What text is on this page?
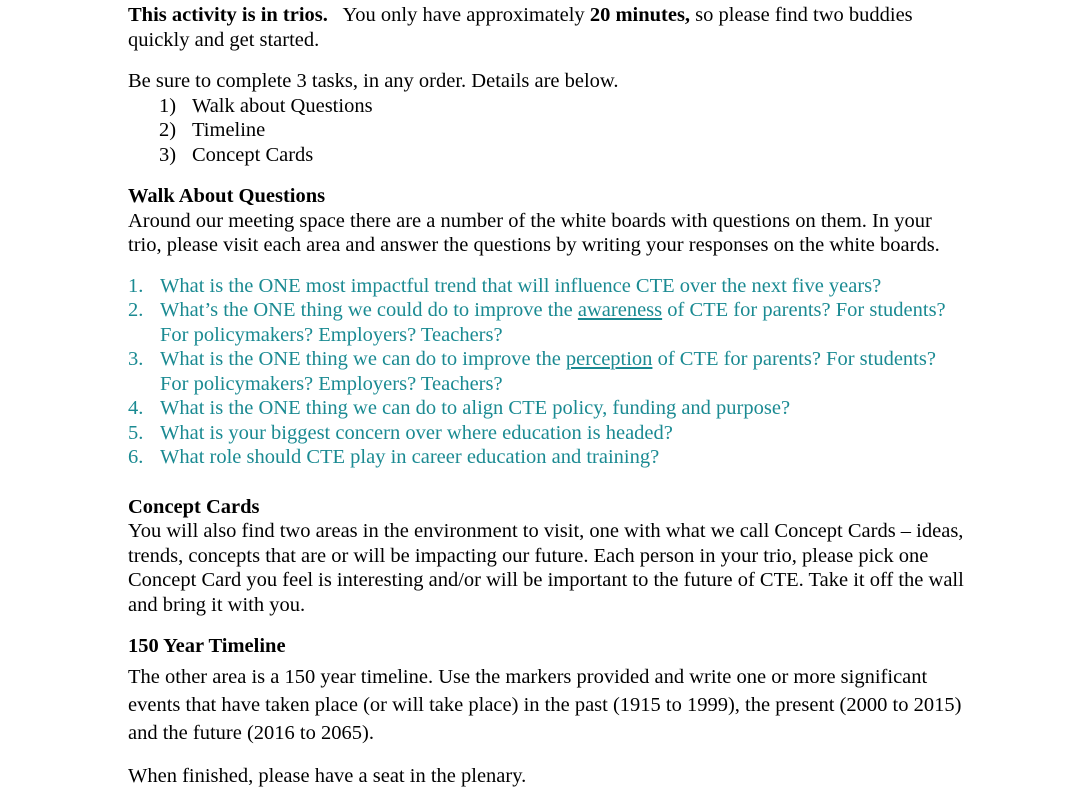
This activity is in trios.   You only have approximately 20 minutes, so please find two buddies quickly and get started.

Be sure to complete 3 tasks, in any order. Details are below.

1) Walk about Questions
2) Timeline
3) Concept Cards

Walk About Questions

Around our meeting space there are a number of the white boards with questions on them. In your trio, please visit each area and answer the questions by writing your responses on the white boards.

1. What is the ONE most impactful trend that will influence CTE over the next five years?
2. What’s the ONE thing we could do to improve the awareness of CTE for parents? For students? For policymakers? Employers? Teachers?
3. What is the ONE thing we can do to improve the perception of CTE for parents? For students? For policymakers? Employers? Teachers?
4. What is the ONE thing we can do to align CTE policy, funding and purpose?
5. What is your biggest concern over where education is headed?
6. What role should CTE play in career education and training?

Concept Cards

You will also find two areas in the environment to visit, one with what we call Concept Cards – ideas, trends, concepts that are or will be impacting our future. Each person in your trio, please pick one Concept Card you feel is interesting and/or will be important to the future of CTE. Take it off the wall and bring it with you.

150 Year Timeline

The other area is a 150 year timeline. Use the markers provided and write one or more significant events that have taken place (or will take place) in the past (1915 to 1999), the present (2000 to 2015) and the future (2016 to 2065).

When finished, please have a seat in the plenary.
